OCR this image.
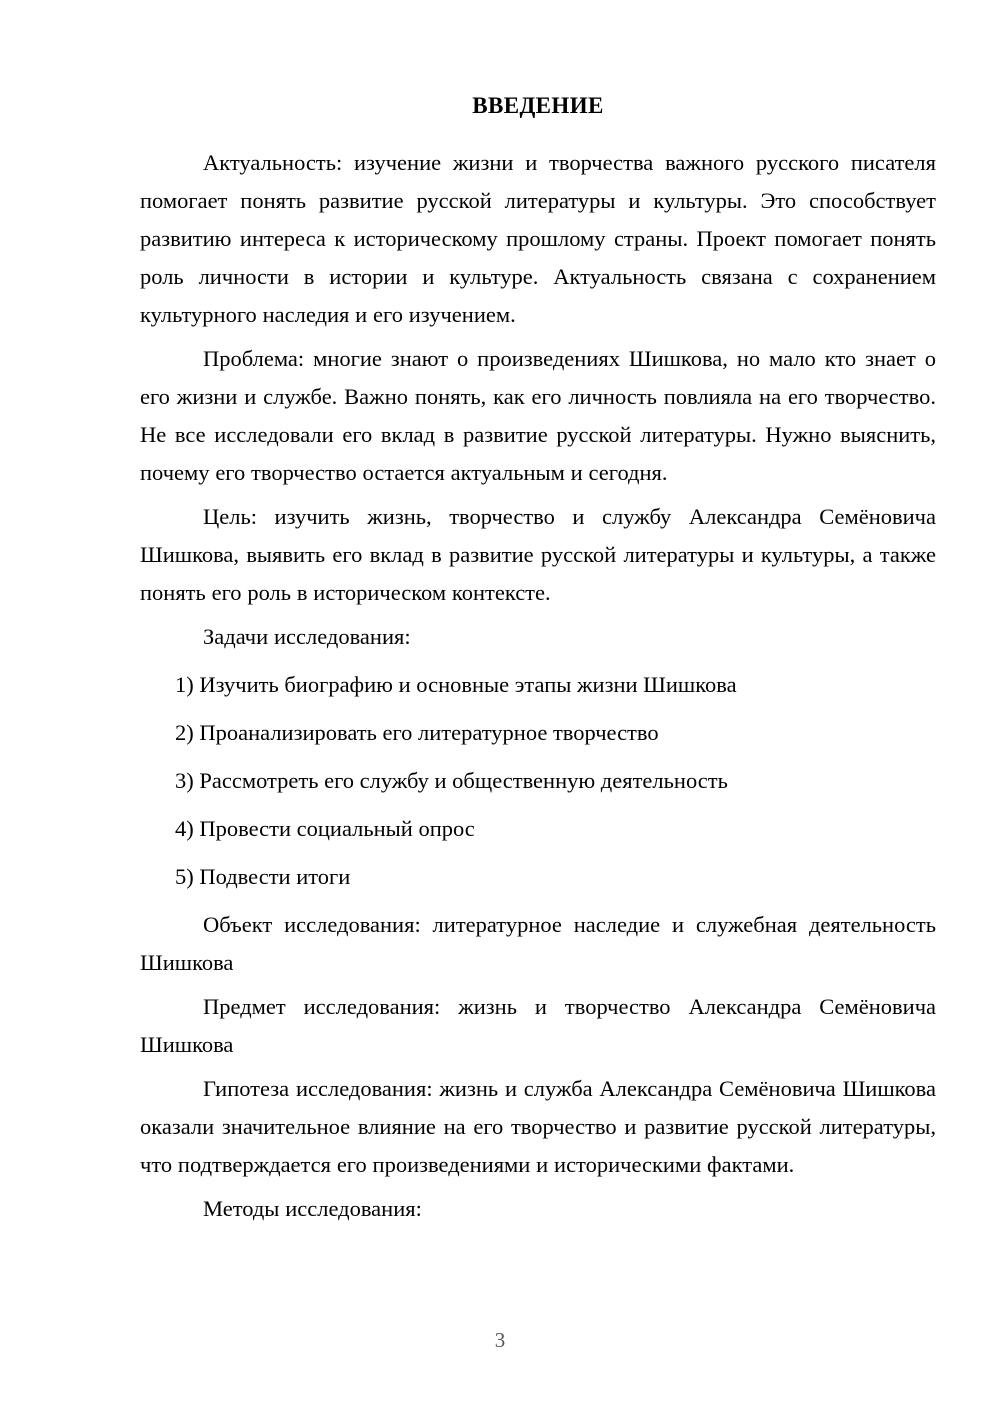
ВВЕДЕНИЕ

Актуальность: изучение жизни и творчества важного русского писателя помогает понять развитие русской литературы и культуры. Это способствует развитию интереса к историческому прошлому страны. Проект помогает понять роль личности в истории и культуре. Актуальность связана с сохранением культурного наследия и его изучением.

Проблема: многие знают о произведениях Шишкова, но мало кто знает о его жизни и службе. Важно понять, как его личность повлияла на его творчество. Не все исследовали его вклад в развитие русской литературы. Нужно выяснить, почему его творчество остается актуальным и сегодня.

Цель: изучить жизнь, творчество и службу Александра Семёновича Шишкова, выявить его вклад в развитие русской литературы и культуры, а также понять его роль в историческом контексте.

Задачи исследования:

1) Изучить биографию и основные этапы жизни Шишкова
2) Проанализировать его литературное творчество
3) Рассмотреть его службу и общественную деятельность
4) Провести социальный опрос
5) Подвести итоги

Объект исследования: литературное наследие и служебная деятельность Шишкова

Предмет исследования: жизнь и творчество Александра Семёновича Шишкова

Гипотеза исследования: жизнь и служба Александра Семёновича Шишкова оказали значительное влияние на его творчество и развитие русской литературы, что подтверждается его произведениями и историческими фактами.

Методы исследования:

3
